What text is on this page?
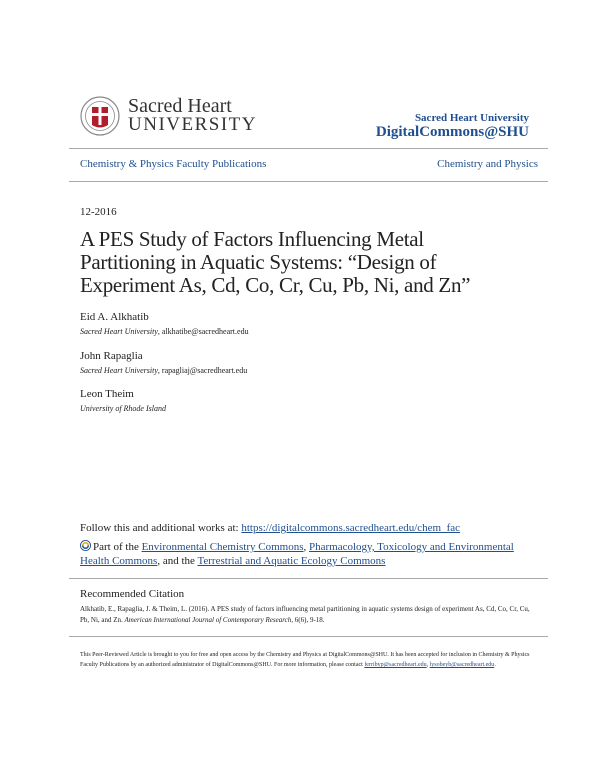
Sacred Heart
UNIVERSITY	Sacred Heart University
DigitalCommons@SHU
Chemistry & Physics Faculty Publications	Chemistry and Physics
12-2016
A PES Study of Factors Influencing Metal
Partitioning in Aquatic Systems: “Design of
Experiment As, Cd, Co, Cr, Cu, Pb, Ni, and Zn”
Eid A. Alkhatib
Sacred Heart University, alkhatibe@sacredheart.edu
John Rapaglia
Sacred Heart University, rapagliaj@sacredheart.edu
Leon Theim
University of Rhode Island
Follow this and additional works at: https://digitalcommons.sacredheart.edu/chem_fac
Part of the Environmental Chemistry Commons, Pharmacology, Toxicology and Environmental Health Commons, and the Terrestrial and Aquatic Ecology Commons
Recommended Citation
Alkhatib, E., Rapaglia, J. & Theim, L. (2016). A PES study of factors influencing metal partitioning in aquatic systems design of experiment As, Cd, Co, Cr, Cu, Pb, Ni, and Zn. American International Journal of Contemporary Research, 6(6), 9-18.
This Peer-Reviewed Article is brought to you for free and open access by the Chemistry and Physics at DigitalCommons@SHU. It has been accepted for inclusion in Chemistry & Physics Faculty Publications by an authorized administrator of DigitalCommons@SHU. For more information, please contact ferribyp@sacredheart.edu, lysobeyb@sacredheart.edu.
